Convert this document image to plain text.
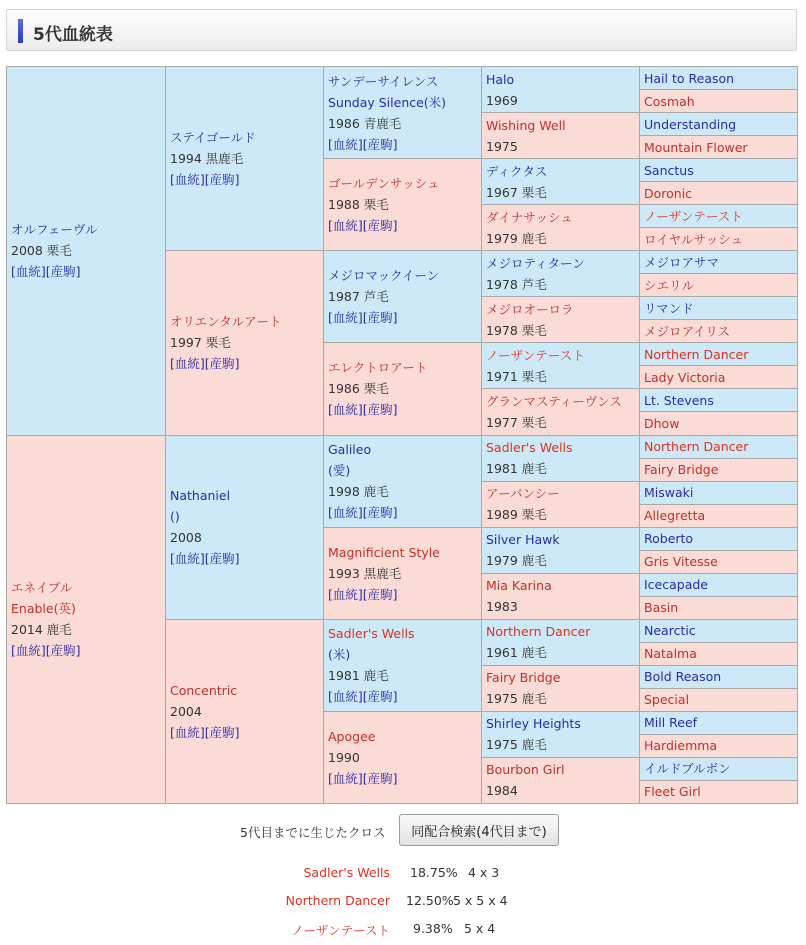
5代血統表
オルフェーヴル
2008 栗毛
[血統][産駒]	ステイゴールド
1994 黒鹿毛
[血統][産駒]	サンデーサイレンス
Sunday Silence(米)
1986 青鹿毛
[血統][産駒]	Halo
1969	Hail to Reason

				Cosmah

			Wishing Well
1975	Understanding

				Mountain Flower

		ゴールデンサッシュ
1988 栗毛
[血統][産駒]	ディクタス
1967 栗毛	Sanctus

				Doronic

			ダイナサッシュ
1979 鹿毛	ノーザンテースト

				ロイヤルサッシュ

	オリエンタルアート
1997 栗毛
[血統][産駒]	メジロマックイーン
1987 芦毛
[血統][産駒]	メジロティターン
1978 芦毛	メジロアサマ

				シエリル

			メジロオーロラ
1978 栗毛	リマンド

				メジロアイリス

		エレクトロアート
1986 栗毛
[血統][産駒]	ノーザンテースト
1971 栗毛	Northern Dancer

				Lady Victoria

			グランマスティーヴンス
1977 栗毛	Lt. Stevens

				Dhow

エネイブル
Enable(英)
2014 鹿毛
[血統][産駒]	Nathaniel
()
2008
[血統][産駒]	Galileo
(愛)
1998 鹿毛
[血統][産駒]	Sadler's Wells
1981 鹿毛	Northern Dancer

				Fairy Bridge

			アーバンシー
1989 栗毛	Miswaki

				Allegretta

		Magnificient Style
1993 黒鹿毛
[血統][産駒]	Silver Hawk
1979 鹿毛	Roberto

				Gris Vitesse

			Mia Karina
1983	Icecapade

				Basin

	Concentric
2004
[血統][産駒]	Sadler's Wells
(米)
1981 鹿毛
[血統][産駒]	Northern Dancer
1961 鹿毛	Nearctic

				Natalma

			Fairy Bridge
1975 鹿毛	Bold Reason

				Special

		Apogee
1990
[血統][産駒]	Shirley Heights
1975 鹿毛	Mill Reef

				Hardiemma

			Bourbon Girl
1984	イルドブルボン

				Fleet Girl
5代目までに生じたクロス	同配合検索(4代目まで)
Sadler's Wells 18.75% 4 x 3
Northern Dancer 12.50% 5 x 5 x 4
ノーザンテースト 9.38% 5 x 4
